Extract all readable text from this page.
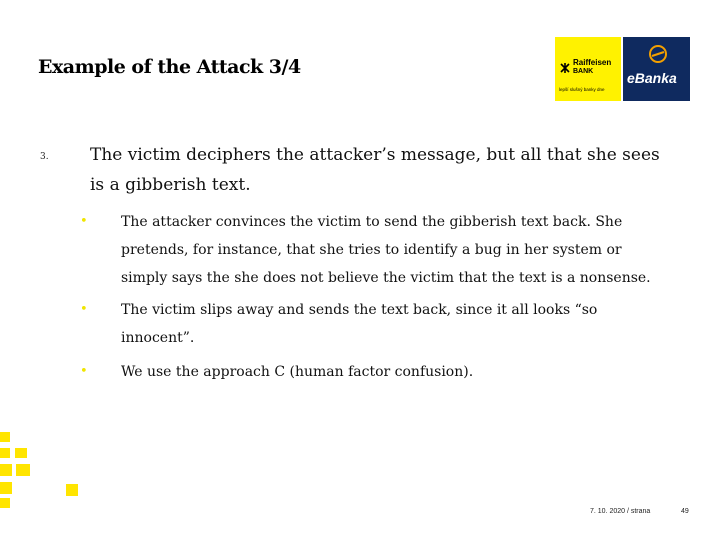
Example of the Attack 3/4	Raiffeisen
BANK
lepší slušný banky dne
eBanka
3. The victim deciphers the attacker’s message, but all that she sees is a gibberish text.

• The attacker convinces the victim to send the gibberish text back. She pretends, for instance, that she tries to identify a bug in her system or simply says the she does not believe the victim that the text is a nonsense.
• The victim slips away and sends the text back, since it all looks “so innocent”.
• We use the approach C (human factor confusion).
7. 10. 2020 / strana	49
